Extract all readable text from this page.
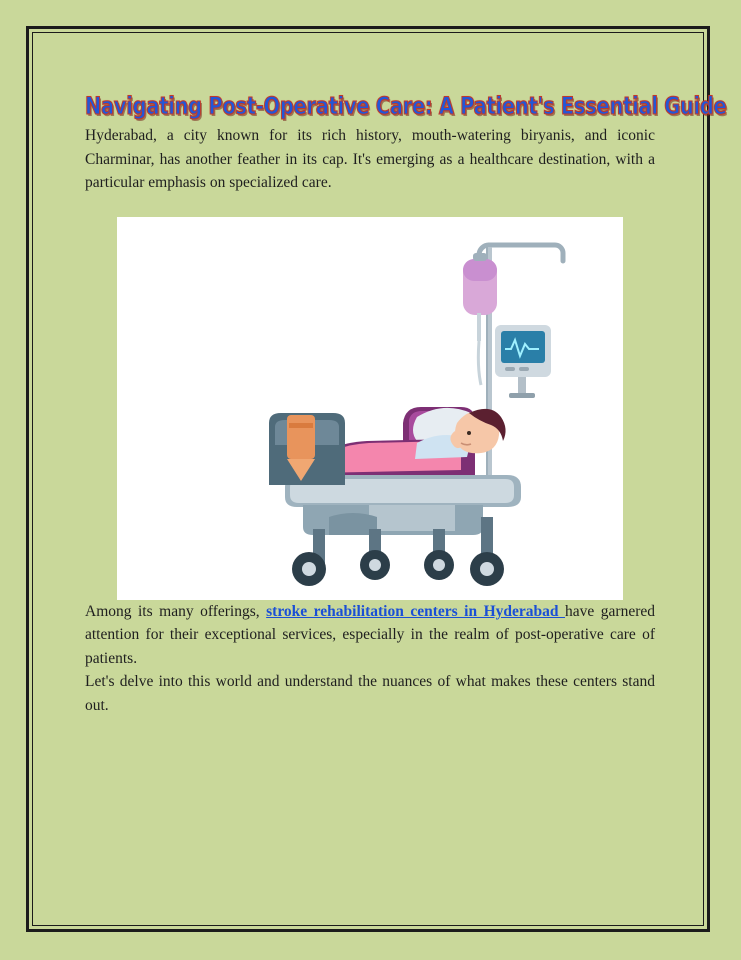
Navigating Post-Operative Care: A Patient's Essential Guide

Hyderabad, a city known for its rich history, mouth-watering biryanis, and iconic Charminar, has another feather in its cap. It's emerging as a healthcare destination, with a particular emphasis on specialized care.

Among its many offerings, stroke rehabilitation centers in Hyderabad have garnered attention for their exceptional services, especially in the realm of post-operative care of patients.

Let's delve into this world and understand the nuances of what makes these centers stand out.
